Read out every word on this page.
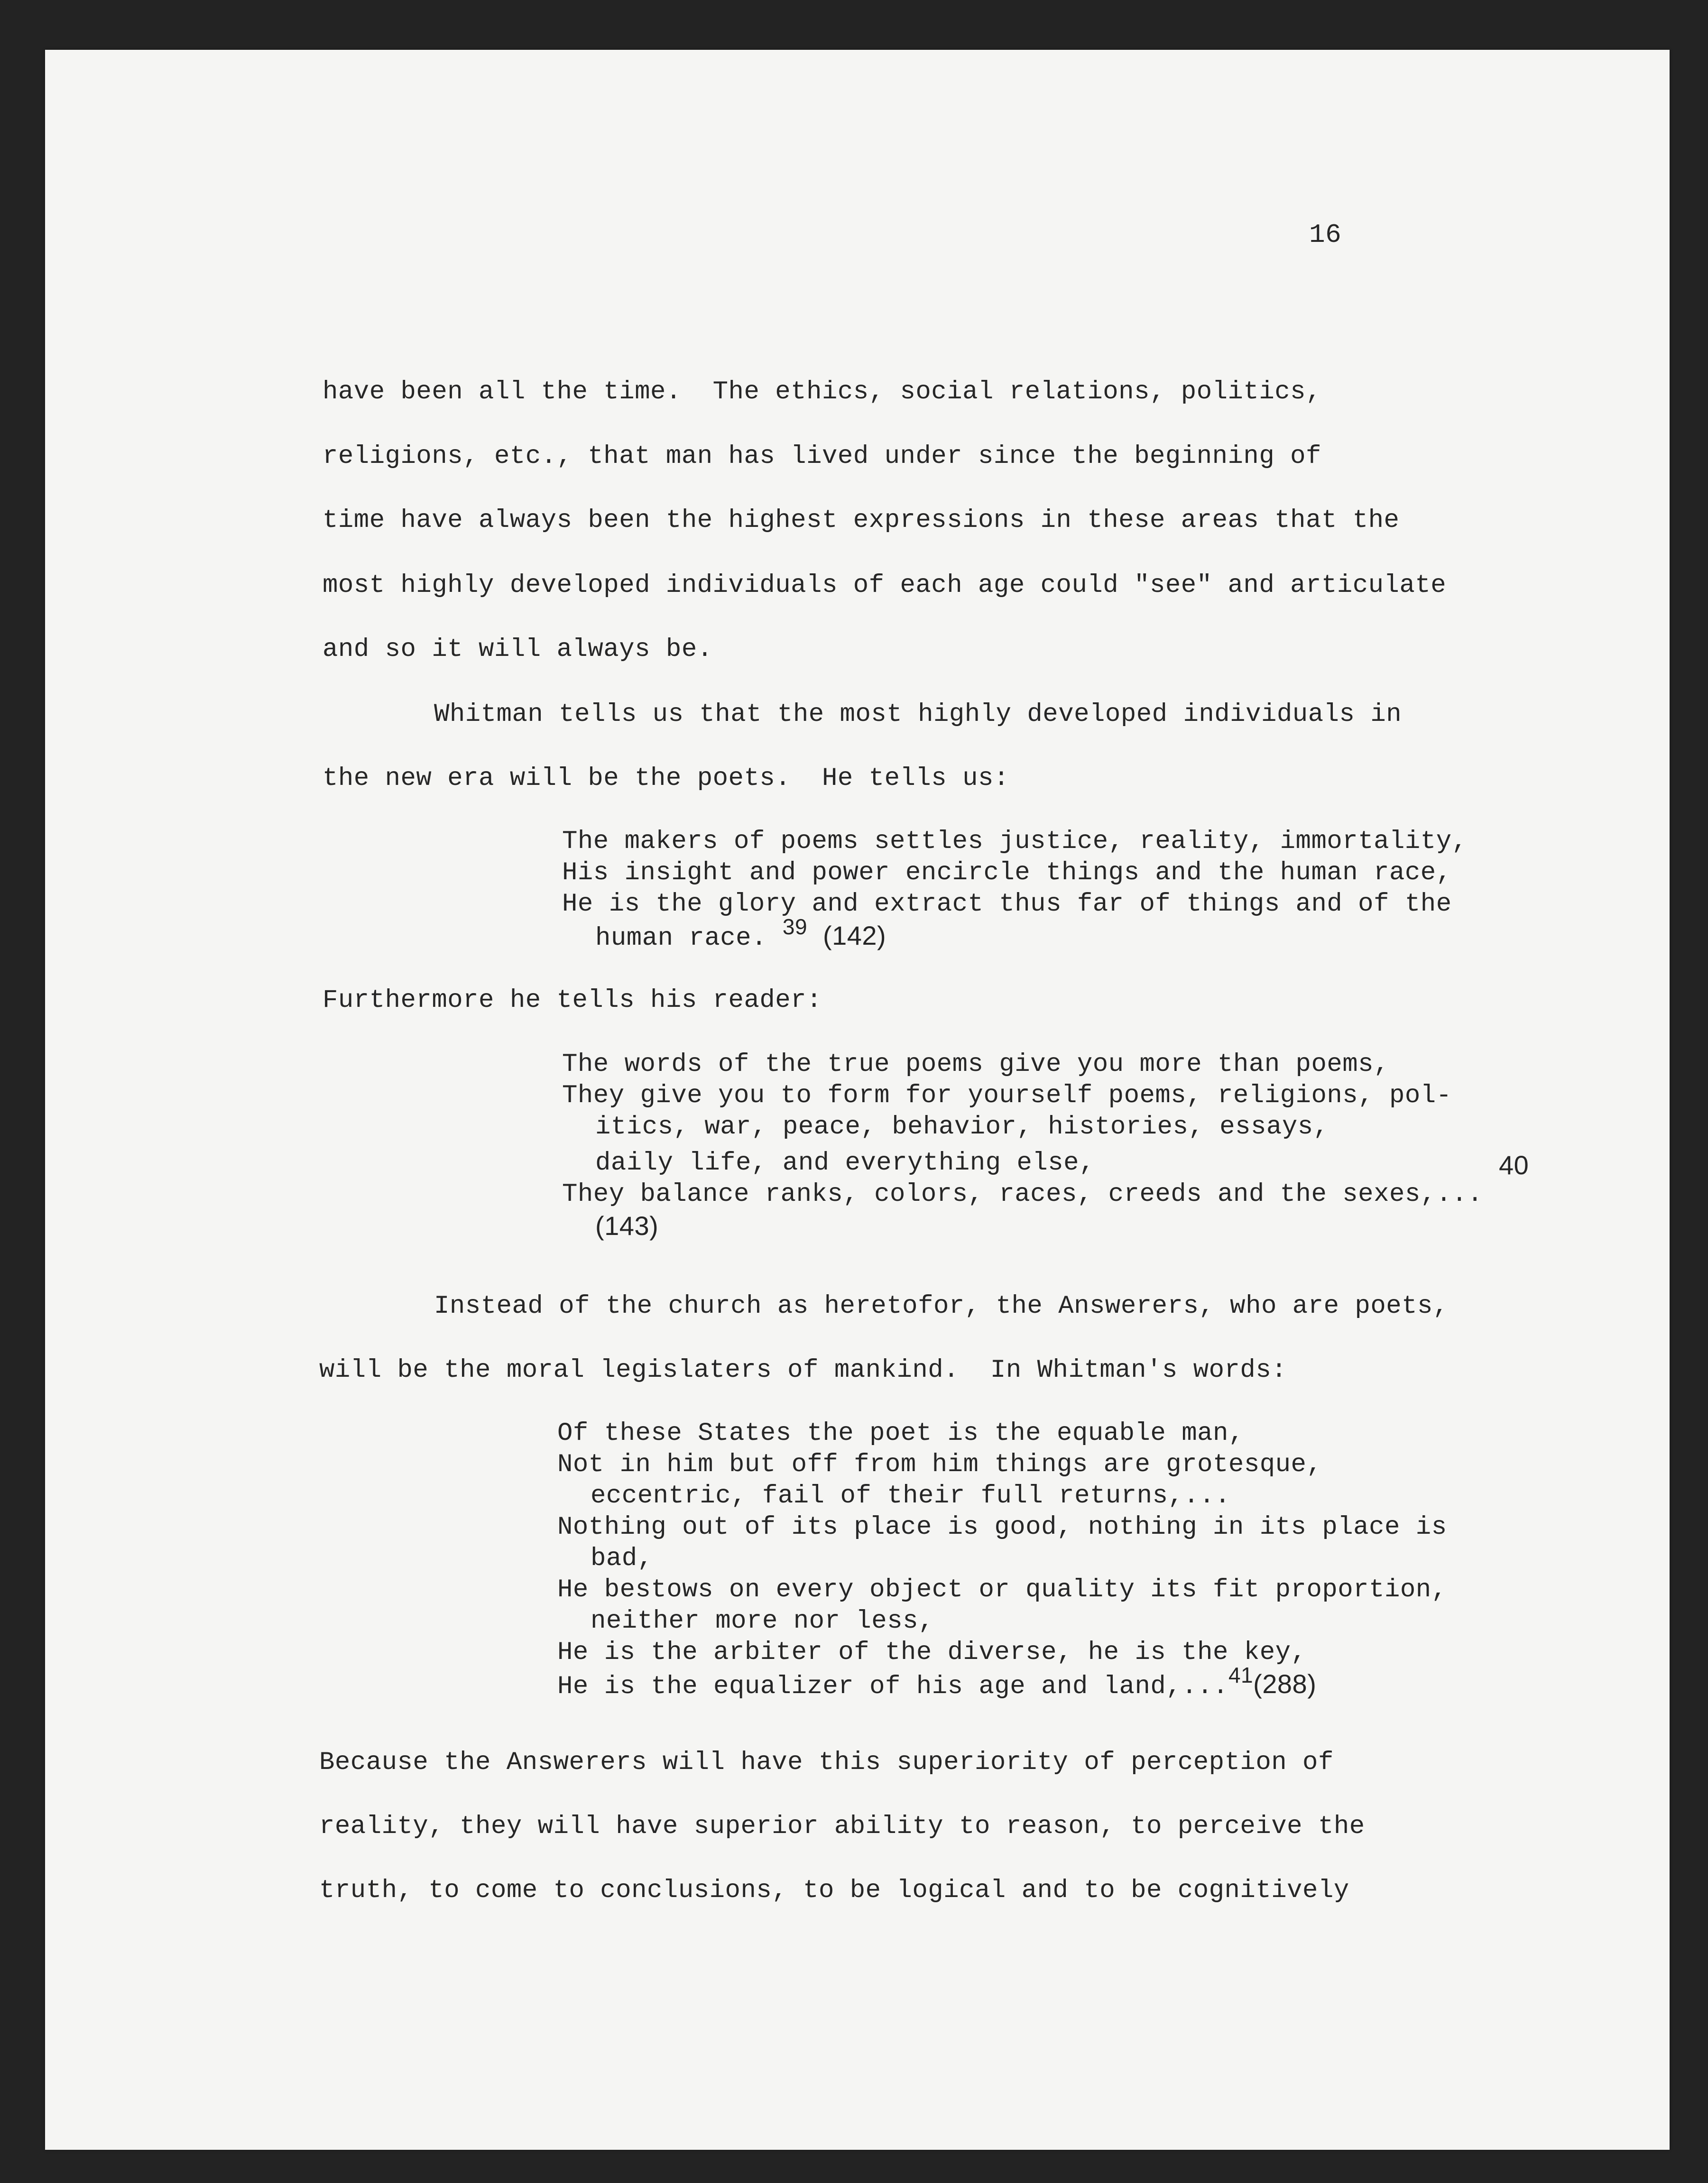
16
have been all the time.  The ethics, social relations, politics,
religions, etc., that man has lived under since the beginning of
time have always been the highest expressions in these areas that the
most highly developed individuals of each age could "see" and articulate
and so it will always be.
Whitman tells us that the most highly developed individuals in
the new era will be the poets.  He tells us:
The makers of poems settles justice, reality, immortality,
His insight and power encircle things and the human race,
He is the glory and extract thus far of things and of the
human race. 39 (142)
Furthermore he tells his reader:
The words of the true poems give you more than poems,
They give you to form for yourself poems, religions, pol-
itics, war, peace, behavior, histories, essays,
daily life, and everything else,
They balance ranks, colors, races, creeds and the sexes,...
40
(143)
Instead of the church as heretofor, the Answerers, who are poets,
will be the moral legislaters of mankind.  In Whitman's words:
Of these States the poet is the equable man,
Not in him but off from him things are grotesque,
eccentric, fail of their full returns,...
Nothing out of its place is good, nothing in its place is
bad,
He bestows on every object or quality its fit proportion,
neither more nor less,
He is the arbiter of the diverse, he is the key,
He is the equalizer of his age and land,...41(288)
Because the Answerers will have this superiority of perception of
reality, they will have superior ability to reason, to perceive the
truth, to come to conclusions, to be logical and to be cognitively
